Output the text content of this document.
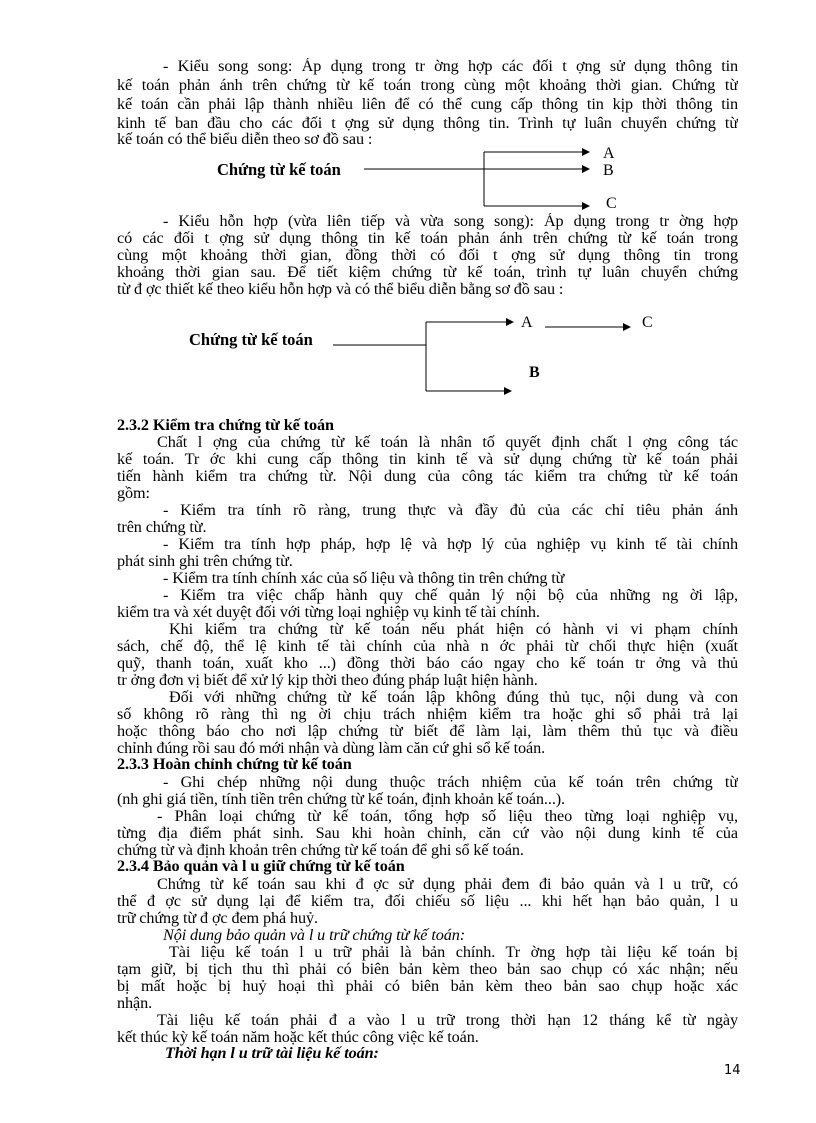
- Kiểu song song: Áp dụng trong tr ờng hợp các đối t ợng sử dụng thông tin
kế toán phản ánh trên chứng từ kế toán trong cùng một khoảng thời gian. Chứng từ
kế toán cần phải lập thành nhiều liên để có thể cung cấp thông tin kịp thời thông tin
kinh tế ban đầu cho các đối t ợng sử dụng thông tin. Trình tự luân chuyển chứng từ
kế toán có thể biểu diễn theo sơ đồ sau :
Chứng từ kế toán
A
B
C
- Kiểu hỗn hợp (vừa liên tiếp và vừa song song): Áp dụng trong tr ờng hợp
có các đối t ợng sử dụng thông tin kế toán phản ánh trên chứng từ kế toán trong
cùng một khoảng thời gian, đồng thời có đối t ợng sử dụng thông tin trong
khoảng thời gian sau. Để tiết kiệm chứng từ kế toán, trình tự luân chuyển chứng
từ đ ợc thiết kế theo kiểu hỗn hợp và có thể biểu diễn bằng sơ đồ sau :
Chứng từ kế toán
A	C
B
2.3.2 Kiểm tra chứng từ kế toán
Chất l ợng của chứng từ kế toán là nhân tố quyết định chất l ợng công tác
kế toán. Tr ớc khi cung cấp thông tin kinh tế và sử dụng chứng từ kế toán phải
tiến hành kiểm tra chứng từ. Nội dung của công tác kiểm tra chứng từ kế toán
gồm:
- Kiểm tra tính rõ ràng, trung thực và đầy đủ của các chỉ tiêu phản ánh
trên chứng từ.
- Kiểm tra tính hợp pháp, hợp lệ và hợp lý của nghiệp vụ kinh tế tài chính
phát sinh ghi trên chứng từ.
- Kiểm tra tính chính xác của số liệu và thông tin trên chứng từ
- Kiểm tra việc chấp hành quy chế quản lý nội bộ của những ng ời lập,
kiểm tra và xét duyệt đối với từng loại nghiệp vụ kinh tế tài chính.
Khi kiểm tra chứng từ kế toán nếu phát hiện có hành vi vi phạm chính
sách, chế độ, thể lệ kinh tế tài chính của nhà n ớc phải từ chối thực hiện (xuất
quỹ, thanh toán, xuất kho ...) đồng thời báo cáo ngay cho kế toán tr ởng và thủ
tr ởng đơn vị biết để xử lý kịp thời theo đúng pháp luật hiện hành.
Đối với những chứng từ kế toán lập không đúng thủ tục, nội dung và con
số không rõ ràng thì ng ời chịu trách nhiệm kiểm tra hoặc ghi sổ phải trả lại
hoặc thông báo cho nơi lập chứng từ biết để làm lại, làm thêm thủ tục và điều
chỉnh đúng rồi sau đó mới nhận và dùng làm căn cứ ghi sổ kế toán.
2.3.3 Hoàn chỉnh chứng từ kế toán
- Ghi chép những nội dung thuộc trách nhiệm của kế toán trên chứng từ
(nh ghi giá tiền, tính tiền trên chứng từ kế toán, định khoản kế toán...).
- Phân loại chứng từ kế toán, tổng hợp số liệu theo từng loại nghiệp vụ,
từng địa điểm phát sinh. Sau khi hoàn chỉnh, căn cứ vào nội dung kinh tế của
chứng từ và định khoản trên chứng từ kế toán để ghi sổ kế toán.
2.3.4 Bảo quản và l u giữ chứng từ kế toán
Chứng từ kế toán sau khi đ ợc sử dụng phải đem đi bảo quản và l u trữ, có
thể đ ợc sử dụng lại để kiểm tra, đối chiếu số liệu ... khi hết hạn bảo quản, l u
trữ chứng từ đ ợc đem phá huỷ.
Nội dung bảo quản và l u trữ chứng từ kế toán:
Tài liệu kế toán l u trữ phải là bản chính. Tr ờng hợp tài liệu kế toán bị
tạm giữ, bị tịch thu thì phải có biên bản kèm theo bản sao chụp có xác nhận; nếu
bị mất hoặc bị huỷ hoại thì phải có biên bản kèm theo bản sao chụp hoặc xác
nhận.
Tài liệu kế toán phải đ a vào l u trữ trong thời hạn 12 tháng kể từ ngày
kết thúc kỳ kế toán năm hoặc kết thúc công việc kế toán.
Thời hạn l u trữ tài liệu kế toán:
14
